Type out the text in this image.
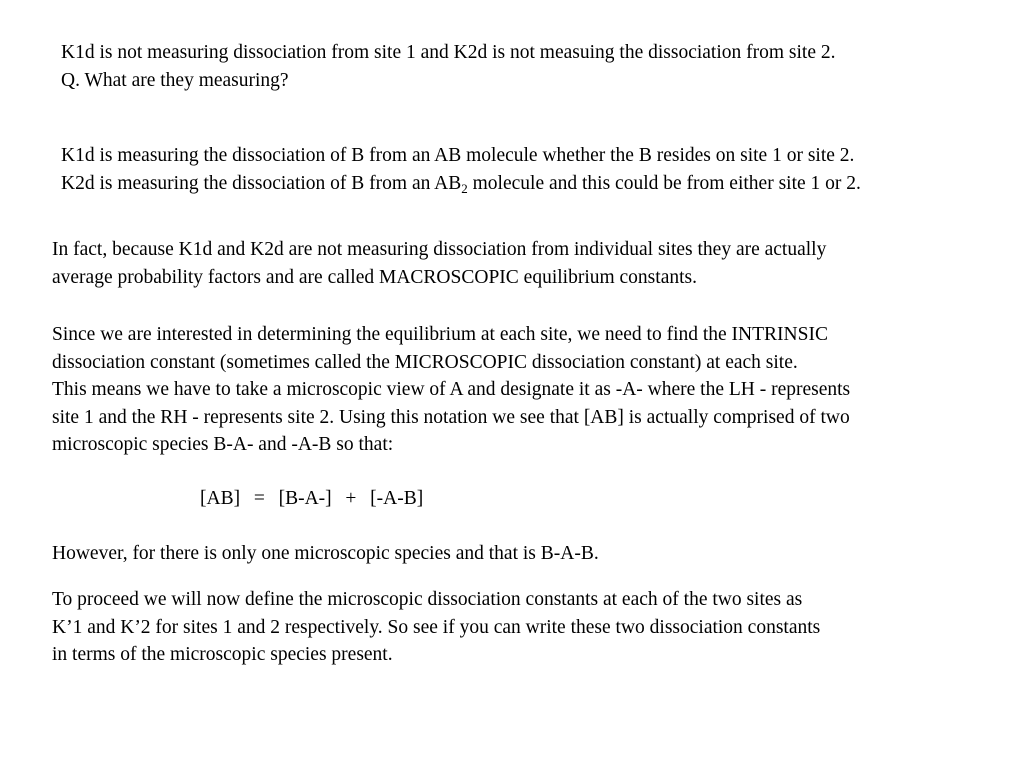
K1d is not measuring dissociation from site 1 and K2d is not measuing the dissociation from site 2.
Q. What are they measuring?
K1d is measuring the dissociation of B from an AB molecule whether the B resides on site 1 or site 2.
K2d is measuring the dissociation of B from an $AB_2$ molecule and this could be from either site 1 or 2.
In fact, because K1d and K2d are not measuring dissociation from individual sites they are actually
average probability factors and are called MACROSCOPIC equilibrium constants.
Since we are interested in determining the equilibrium at each site, we need to find the INTRINSIC
dissociation constant (sometimes called the MICROSCOPIC dissociation constant) at each site.
This means we have to take a microscopic view of A and designate it as -A- where the LH - represents
site 1 and the RH - represents site 2. Using this notation we see that [AB] is actually comprised of two
microscopic species B-A- and -A-B so that:
[AB]  =  [B-A-]  +  [-A-B]
However, for there is only one microscopic species and that is B-A-B.
To proceed we will now define the microscopic dissociation constants at each of the two sites as
K’1 and K’2 for sites 1 and 2 respectively. So see if you can write these two dissociation constants
in terms of the microscopic species present.
